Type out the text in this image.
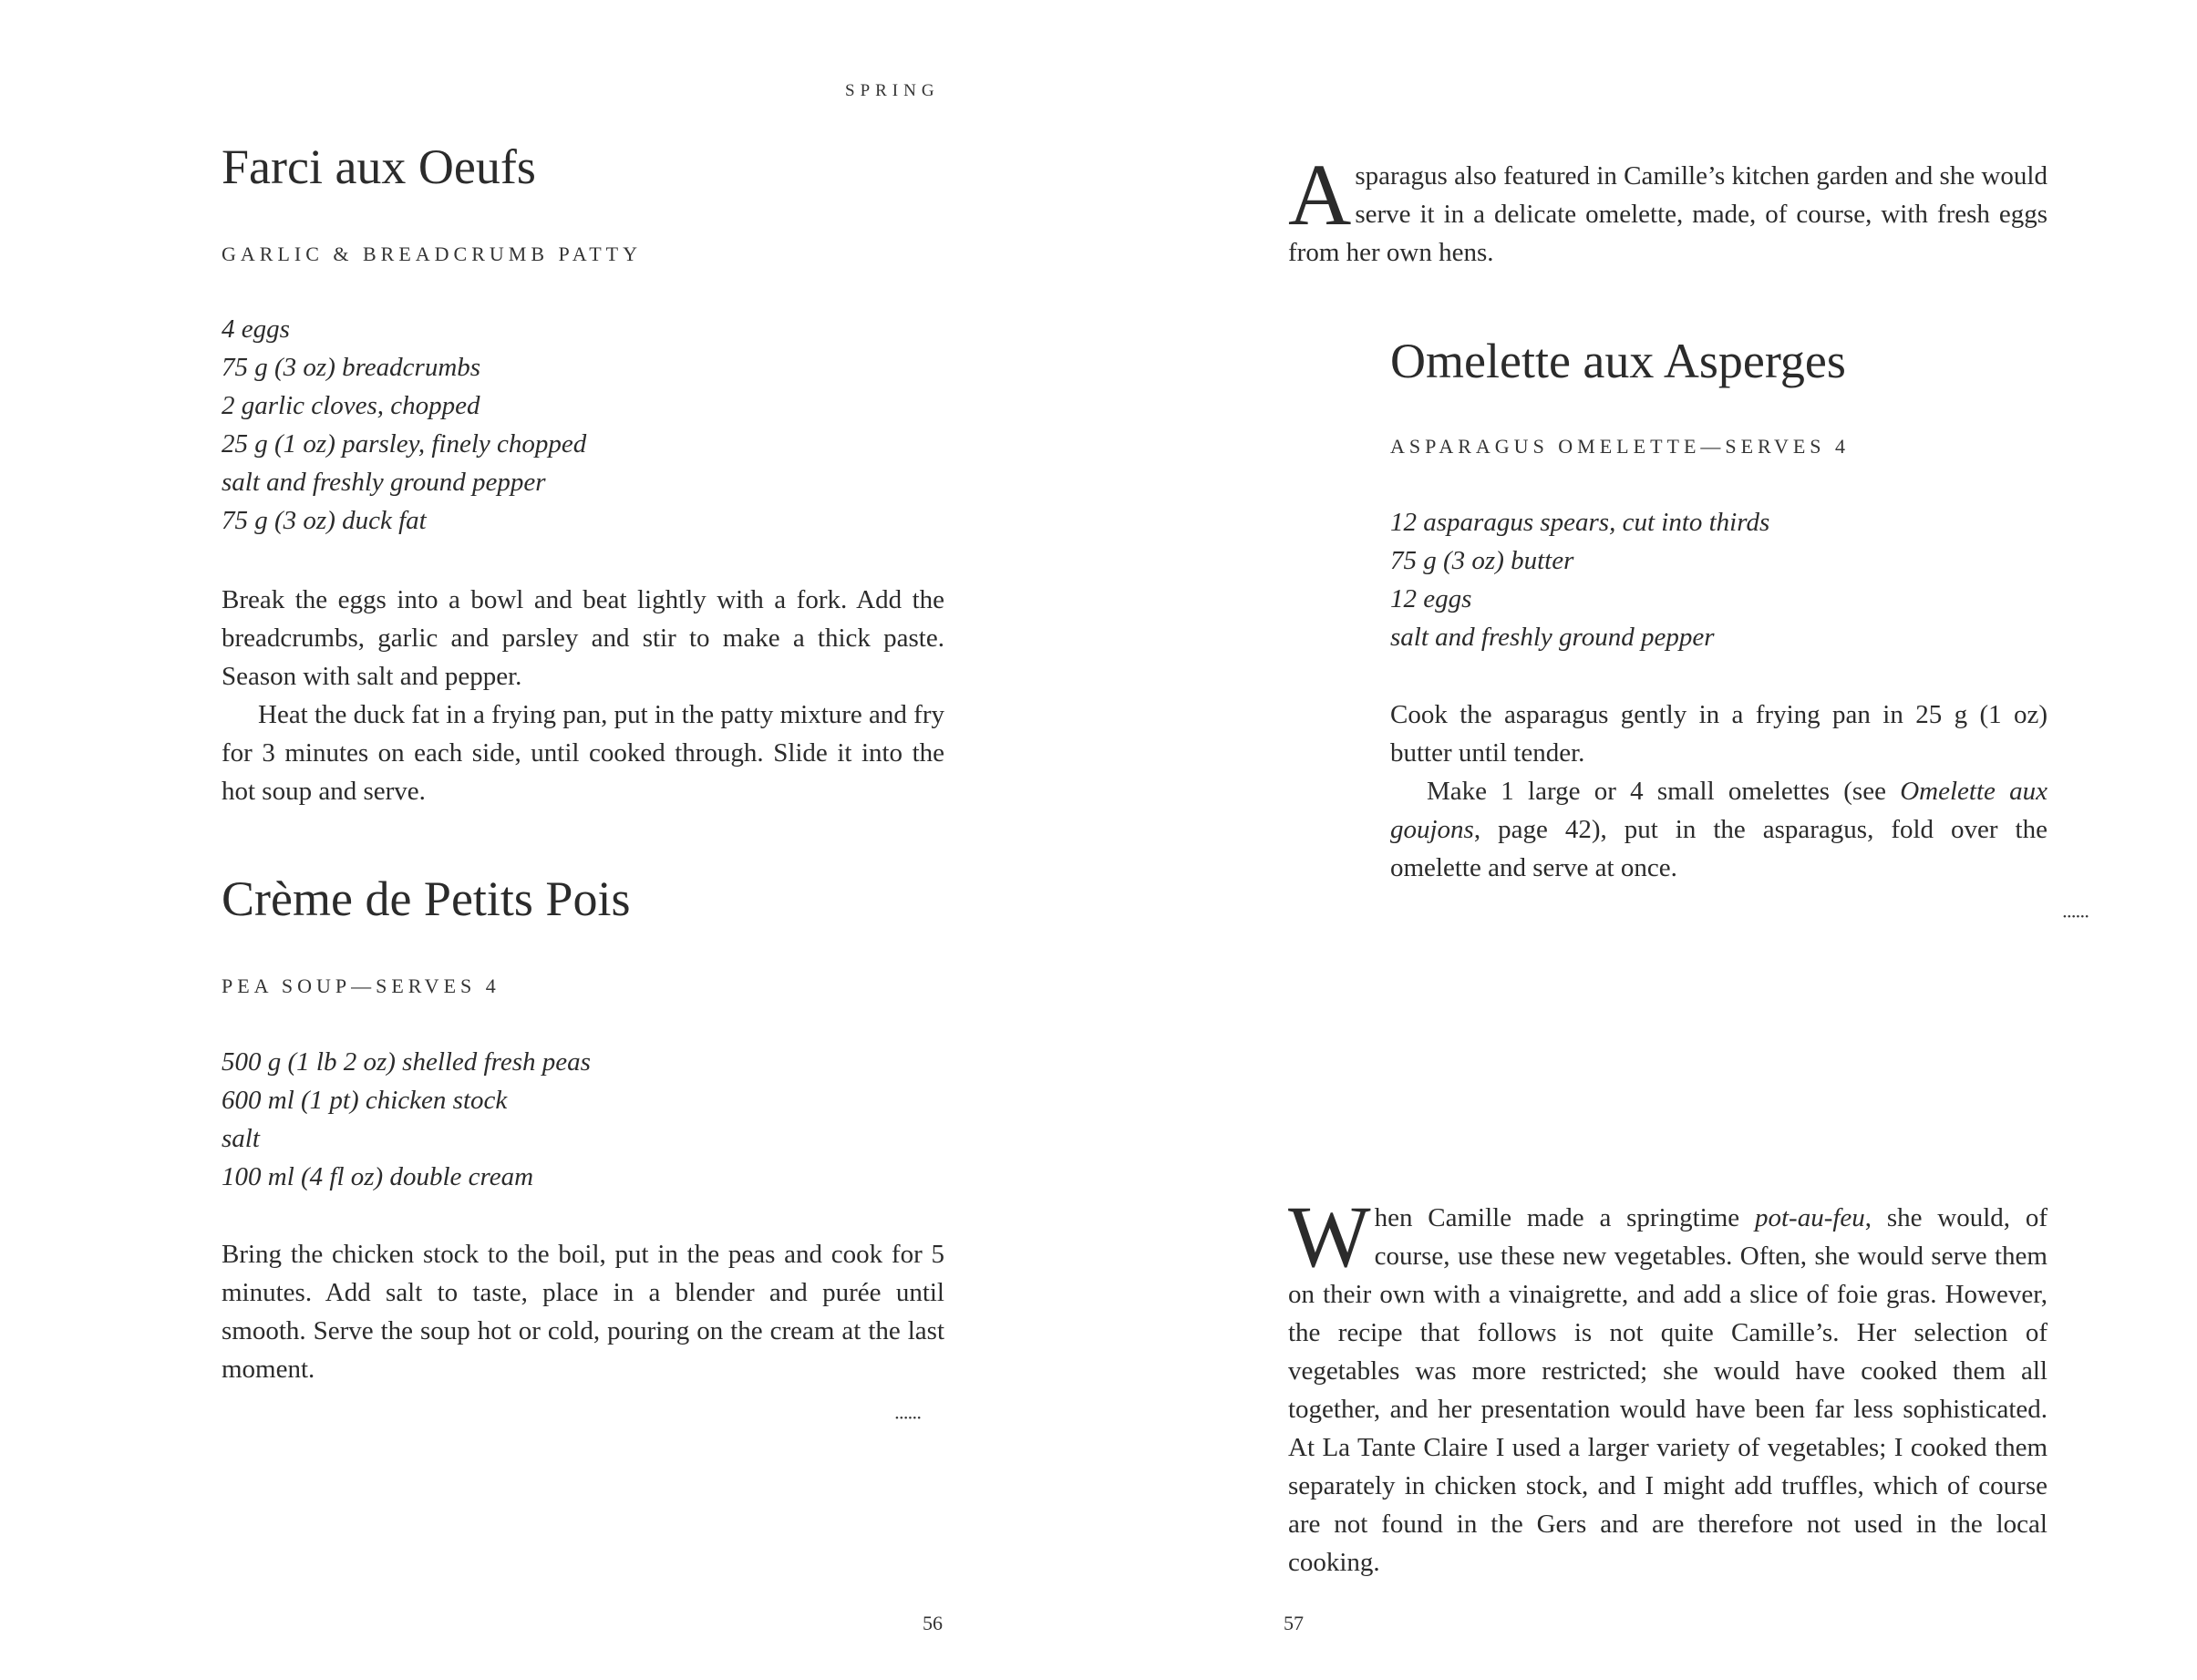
SPRING
Farci aux Oeufs
GARLIC & BREADCRUMB PATTY
4 eggs
75 g (3 oz) breadcrumbs
2 garlic cloves, chopped
25 g (1 oz) parsley, finely chopped
salt and freshly ground pepper
75 g (3 oz) duck fat

Break the eggs into a bowl and beat lightly with a fork. Add the breadcrumbs, garlic and parsley and stir to make a thick paste. Season with salt and pepper.

Heat the duck fat in a frying pan, put in the patty mixture and fry for 3 minutes on each side, until cooked through. Slide it into the hot soup and serve.

Crème de Petits Pois
PEA SOUP—SERVES 4
500 g (1 lb 2 oz) shelled fresh peas
600 ml (1 pt) chicken stock
salt
100 ml (4 fl oz) double cream

Bring the chicken stock to the boil, put in the peas and cook for 5 minutes. Add salt to taste, place in a blender and purée until smooth. Serve the soup hot or cold, pouring on the cream at the last moment.

••••••
56

Asparagus also featured in Camille’s kitchen garden and she would serve it in a delicate omelette, made, of course, with fresh eggs from her own hens.

Omelette aux Asperges
ASPARAGUS OMELETTE—SERVES 4
12 asparagus spears, cut into thirds
75 g (3 oz) butter
12 eggs
salt and freshly ground pepper

Cook the asparagus gently in a frying pan in 25 g (1 oz) butter until tender.

Make 1 large or 4 small omelettes (see Omelette aux goujons, page 42), put in the asparagus, fold over the omelette and serve at once.

••••••

When Camille made a springtime pot-au-feu, she would, of course, use these new vegetables. Often, she would serve them on their own with a vinaigrette, and add a slice of foie gras. However, the recipe that follows is not quite Camille’s. Her selection of vegetables was more restricted; she would have cooked them all together, and her presentation would have been far less sophisticated. At La Tante Claire I used a larger variety of vegetables; I cooked them separately in chicken stock, and I might add truffles, which of course are not found in the Gers and are therefore not used in the local cooking.

57
